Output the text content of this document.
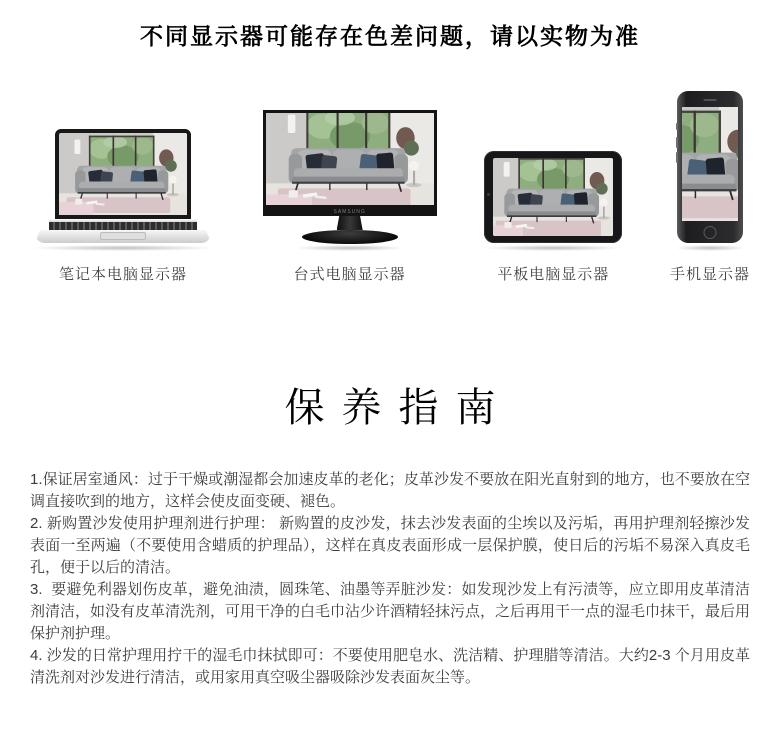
不同显示器可能存在色差问题，请以实物为准
笔记本电脑显示器
SAMSUNG
台式电脑显示器	平板电脑显示器	手机显示器
保养指南

1.保证居室通风：过于干燥或潮湿都会加速皮革的老化；皮革沙发不要放在阳光直射到的地方，也不要放在空调直接吹到的地方，这样会使皮面变硬、褪色。

2. 新购置沙发使用护理剂进行护理： 新购置的皮沙发，抹去沙发表面的尘埃以及污垢，再用护理剂轻擦沙发表面一至两遍（不要使用含蜡质的护理品），这样在真皮表面形成一层保护膜，使日后的污垢不易深入真皮毛孔，便于以后的清洁。

3.  要避免利器划伤皮革，避免油渍，圆珠笔、油墨等弄脏沙发：如发现沙发上有污渍等，应立即用皮革清洁剂清洁，如没有皮革清洗剂，可用干净的白毛巾沾少许酒精轻抹污点，之后再用干一点的湿毛巾抹干，最后用保护剂护理。

4. 沙发的日常护理用拧干的湿毛巾抹拭即可：不要使用肥皂水、洗洁精、护理腊等清洁。大约2-3 个月用皮革清洗剂对沙发进行清洁，或用家用真空吸尘器吸除沙发表面灰尘等。
